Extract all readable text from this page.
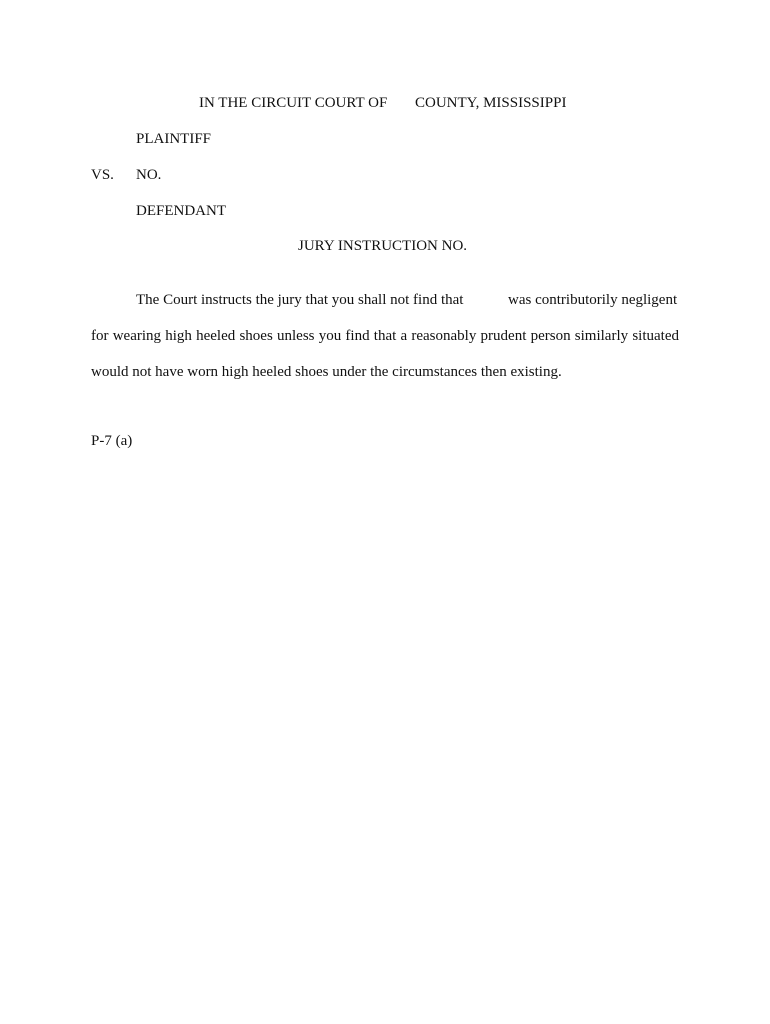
IN THE CIRCUIT COURT OF COUNTY, MISSISSIPPI
PLAINTIFF
VS. NO.
DEFENDANT
JURY INSTRUCTION NO.
The Court instructs the jury that you shall not find that	was contributorily negligent
for wearing high heeled shoes unless you find that a reasonably prudent person similarly situated
would not have worn high heeled shoes under the circumstances then existing.
P-7 (a)
